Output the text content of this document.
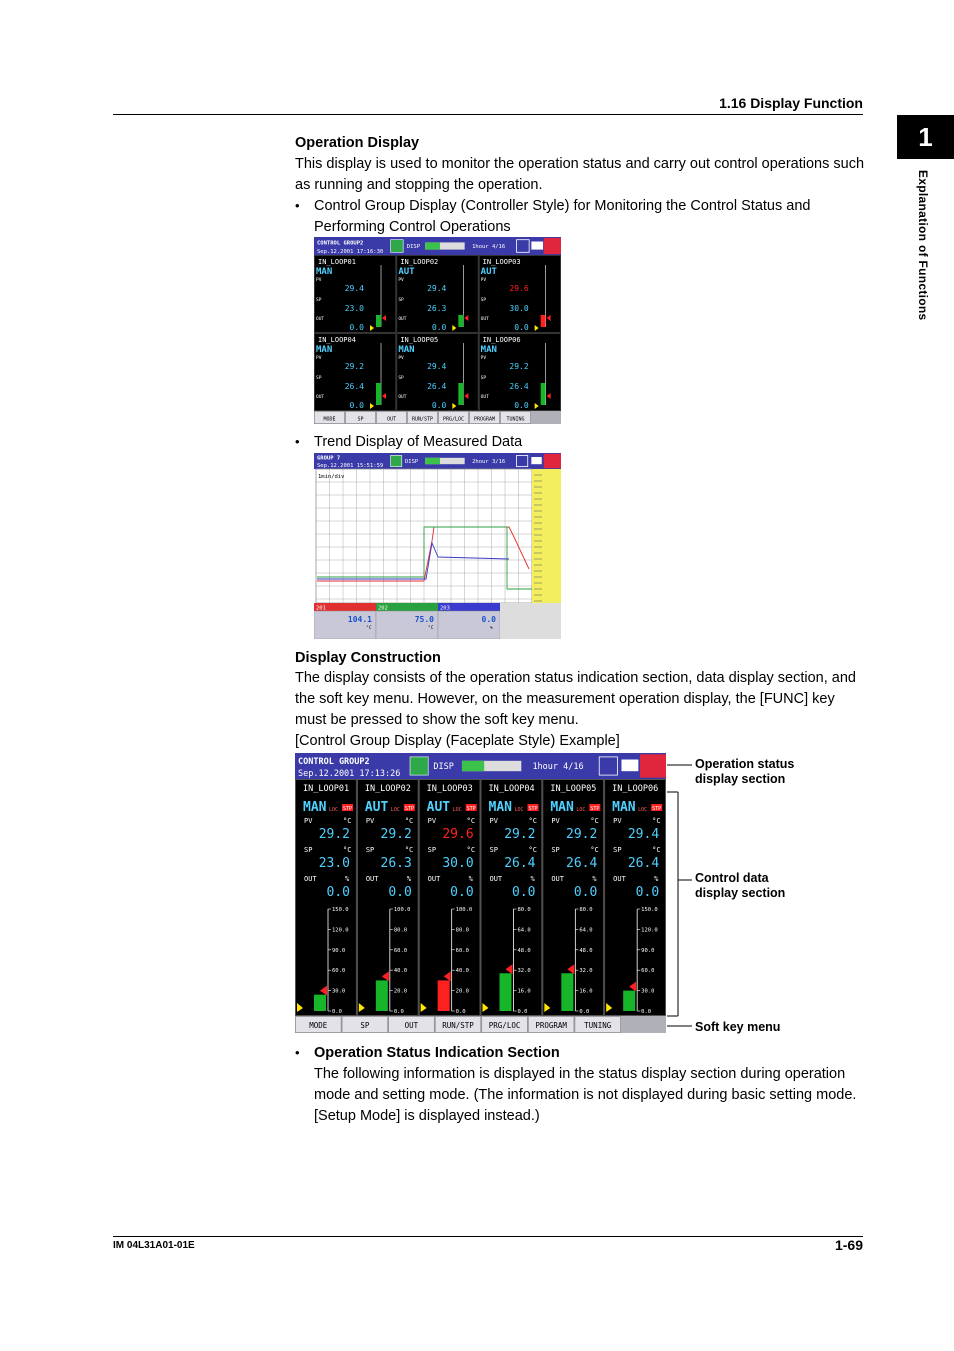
1.16 Display Function
1
Explanation of Functions
Operation Display
This display is used to monitor the operation status and carry out control operations such as running and stopping the operation.
• Control Group Display (Controller Style) for Monitoring the Control Status and Performing Control Operations
CONTROL GROUP2
Sep.12.2001 17:16:30
DISP	1hour 4/16
IN_LOOP01
MAN
PV
29.4
SP
23.0
OUT
0.0
IN_LOOP02
AUT
PV
29.4
SP
26.3
OUT
0.0
IN_LOOP03
AUT
PV
29.6
SP
30.0
OUT
0.0
IN_LOOP04
MAN
PV
29.2
SP
26.4
OUT
0.0
IN_LOOP05
MAN
PV
29.4
SP
26.4
OUT
0.0
IN_LOOP06
MAN
PV
29.2
SP
26.4
OUT
0.0
MODE	SP	OUT	RUN/STP PRG/LOC PROGRAM TUNING
• Trend Display of Measured Data
GROUP 7
Sep.12.2001 15:51:59
DISP	2hour 3/16
1min/div
201
104.1
°C
202
75.0
°C
203
0.0
%
Display Construction
The display consists of the operation status indication section, data display section, and the soft key menu. However, on the measurement operation display, the [FUNC] key must be pressed to show the soft key menu.
[Control Group Display (Faceplate Style) Example]
CONTROL GROUP2
Sep.12.2001 17:13:26
DISP	1hour 4/16
IN_LOOP01
MAN LOC STP
PV	°C
29.2
SP	°C
23.0
OUT	%
0.0
150.0
120.0
90.0
60.0
30.0
0.0
IN_LOOP02
AUT LOC STP
PV	°C
29.2
SP	°C
26.3
OUT	%
0.0
100.0
80.0
60.0
40.0
20.0
0.0
IN_LOOP03
AUT LOC STP
PV	°C
29.6
SP	°C
30.0
OUT	%
0.0
100.0
80.0
60.0
40.0
20.0
0.0
IN_LOOP04
MAN LOC STP
PV	°C
29.2
SP	°C
26.4
OUT	%
0.0
80.0
64.0
48.0
32.0
16.0
0.0
IN_LOOP05
MAN LOC STP
PV	°C
29.2
SP	°C
26.4
OUT	%
0.0
80.0
64.0
48.0
32.0
16.0
0.0
IN_LOOP06
MAN LOC STP
PV	°C
29.4
SP	°C
26.4
OUT	%
0.0
150.0
120.0
90.0
60.0
30.0
0.0
MODE	SP	OUT	RUN/STP PRG/LOC PROGRAM TUNING
Operation status display section
Control data display section
Soft key menu
• Operation Status Indication Section
The following information is displayed in the status display section during operation mode and setting mode. (The information is not displayed during basic setting mode. [Setup Mode] is displayed instead.)
IM 04L31A01-01E	1-69
